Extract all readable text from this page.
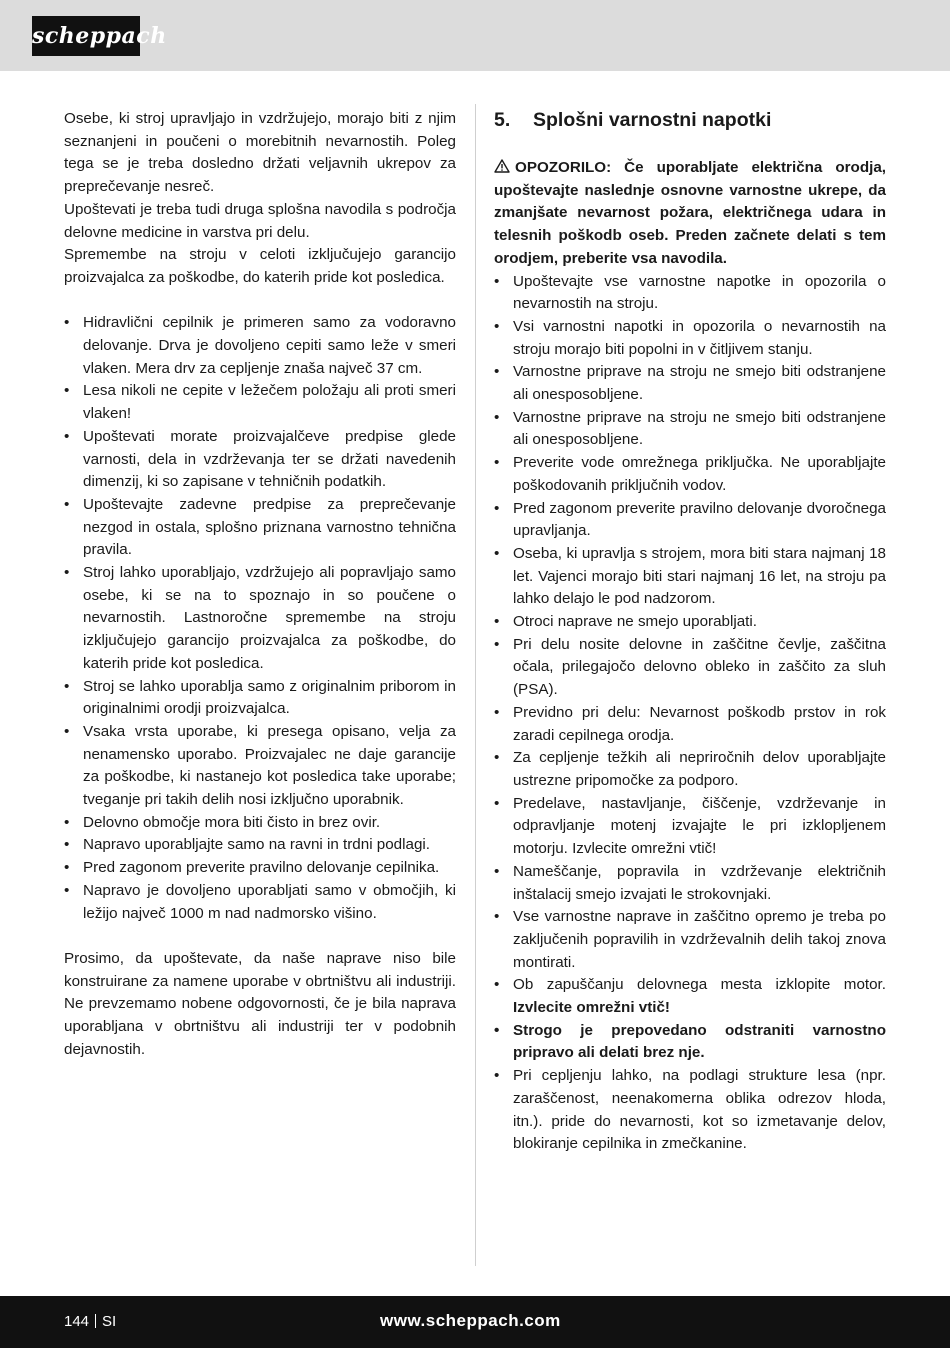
scheppach

Osebe, ki stroj upravljajo in vzdržujejo, morajo biti z njim seznanjeni in poučeni o morebitnih nevarnostih. Poleg tega se je treba dosledno držati veljavnih ukrepov za preprečevanje nesreč.

Upoštevati je treba tudi druga splošna navodila s področja delovne medicine in varstva pri delu.

Spremembe na stroju v celoti izključujejo garancijo proizvajalca za poškodbe, do katerih pride kot posledica.

• Hidravlični cepilnik je primeren samo za vodoravno delovanje. Drva je dovoljeno cepiti samo leže v smeri vlaken. Mera drv za cepljenje znaša največ 37 cm.
• Lesa nikoli ne cepite v ležečem položaju ali proti smeri vlaken!
• Upoštevati morate proizvajalčeve predpise glede varnosti, dela in vzdrževanja ter se držati navedenih dimenzij, ki so zapisane v tehničnih podatkih.
• Upoštevajte zadevne predpise za preprečevanje nezgod in ostala, splošno priznana varnostno tehnična pravila.
• Stroj lahko uporabljajo, vzdržujejo ali popravljajo samo osebe, ki se na to spoznajo in so poučene o nevarnostih. Lastnoročne spremembe na stroju izključujejo garancijo proizvajalca za poškodbe, do katerih pride kot posledica.
• Stroj se lahko uporablja samo z originalnim priborom in originalnimi orodji proizvajalca.
• Vsaka vrsta uporabe, ki presega opisano, velja za nenamensko uporabo. Proizvajalec ne daje garancije za poškodbe, ki nastanejo kot posledica take uporabe; tveganje pri takih delih nosi izključno uporabnik.
• Delovno območje mora biti čisto in brez ovir.
• Napravo uporabljajte samo na ravni in trdni podlagi.
• Pred zagonom preverite pravilno delovanje cepilnika.
• Napravo je dovoljeno uporabljati samo v območjih, ki ležijo največ 1000 m nad nadmorsko višino.

Prosimo, da upoštevate, da naše naprave niso bile konstruirane za namene uporabe v obrtništvu ali industriji. Ne prevzemamo nobene odgovornosti, če je bila naprava uporabljana v obrtništvu ali industriji ter v podobnih dejavnostih.

5.	Splošni varnostni napotki

OPOZORILO: Če uporabljate električna orodja, upoštevajte naslednje osnovne varnostne ukrepe, da zmanjšate nevarnost požara, električnega udara in telesnih poškodb oseb. Preden začnete delati s tem orodjem, preberite vsa navodila.

• Upoštevajte vse varnostne napotke in opozorila o nevarnostih na stroju.
• Vsi varnostni napotki in opozorila o nevarnostih na stroju morajo biti popolni in v čitljivem stanju.
• Varnostne priprave na stroju ne smejo biti odstranjene ali onesposobljene.
• Varnostne priprave na stroju ne smejo biti odstranjene ali onesposobljene.
• Preverite vode omrežnega priključka. Ne uporabljajte poškodovanih priključnih vodov.
• Pred zagonom preverite pravilno delovanje dvoročnega upravljanja.
• Oseba, ki upravlja s strojem, mora biti stara najmanj 18 let. Vajenci morajo biti stari najmanj 16 let, na stroju pa lahko delajo le pod nadzorom.
• Otroci naprave ne smejo uporabljati.
• Pri delu nosite delovne in zaščitne čevlje, zaščitna očala, prilegajočo delovno obleko in zaščito za sluh (PSA).
• Previdno pri delu: Nevarnost poškodb prstov in rok zaradi cepilnega orodja.
• Za cepljenje težkih ali nepriročnih delov uporabljajte ustrezne pripomočke za podporo.
• Predelave, nastavljanje, čiščenje, vzdrževanje in odpravljanje motenj izvajajte le pri izklopljenem motorju. Izvlecite omrežni vtič!
• Nameščanje, popravila in vzdrževanje električnih inštalacij smejo izvajati le strokovnjaki.
• Vse varnostne naprave in zaščitno opremo je treba po zaključenih popravilih in vzdrževalnih delih takoj znova montirati.
• Ob zapuščanju delovnega mesta izklopite motor. Izvlecite omrežni vtič!
• Strogo je prepovedano odstraniti varnostno pripravo ali delati brez nje.
• Pri cepljenju lahko, na podlagi strukture lesa (npr. zaraščenost, neenakomerna oblika odrezov hloda, itn.). pride do nevarnosti, kot so izmetavanje delov, blokiranje cepilnika in zmečkanine.
144 SI	www.scheppach.com
